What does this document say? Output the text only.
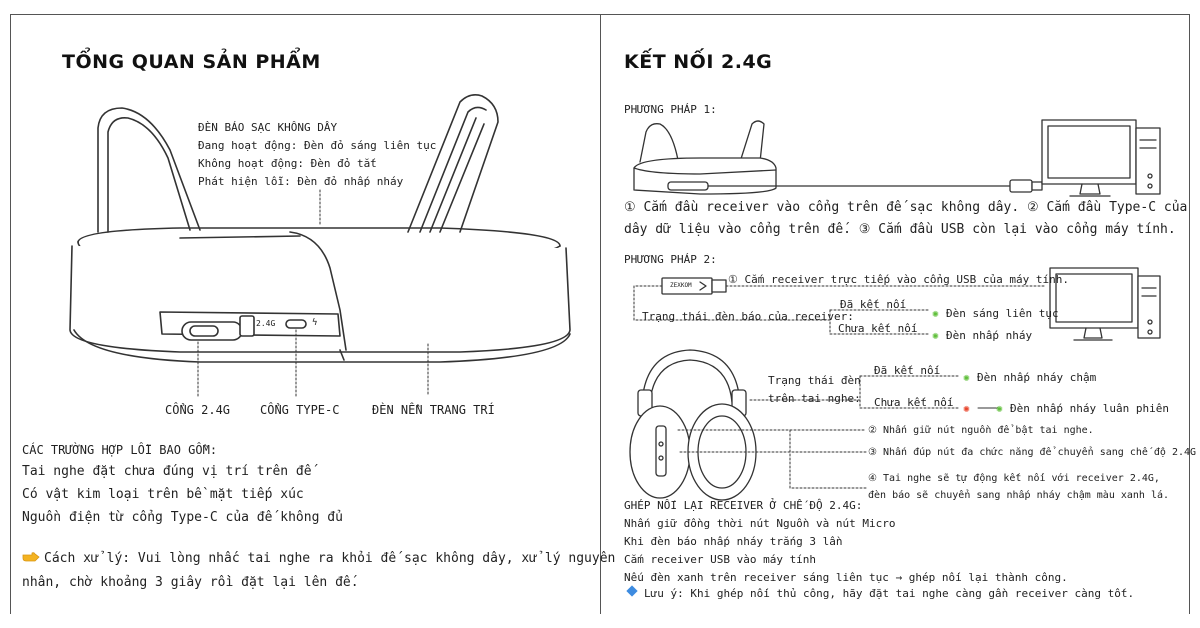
TỔNG QUAN SẢN PHẨM
2.4G	ϟ
ĐÈN BÁO SẠC KHÔNG DÂY
Đang hoạt động: Đèn đỏ sáng liên tục
Không hoạt động: Đèn đỏ tắt
Phát hiện lỗi: Đèn đỏ nhấp nháy
CỔNG 2.4G CỔNG TYPE-C	ĐÈN NỀN TRANG TRÍ
CÁC TRƯỜNG HỢP LỖI BAO GỒM:
Tai nghe đặt chưa đúng vị trí trên đế
Có vật kim loại trên bề mặt tiếp xúc
Nguồn điện từ cổng Type-C của đế không đủ
Cách xử lý: Vui lòng nhấc tai nghe ra khỏi đế sạc không dây, xử lý nguyên
nhân, chờ khoảng 3 giây rồi đặt lại lên đế.
KẾT NỐI 2.4G
PHƯƠNG PHÁP 1:
① Cắm đầu receiver vào cổng trên đế sạc không dây. ② Cắm đầu Type-C của
dây dữ liệu vào cổng trên đế. ③ Cắm đầu USB còn lại vào cổng máy tính.
PHƯƠNG PHÁP 2:
ZEXKOM	① Cắm receiver trực tiếp vào cổng USB của máy tính.
Trạng thái đèn báo của receiver:
Đã kết nối
Chưa kết nối
✺ Đèn sáng liên tục
✺ Đèn nhấp nháy
Trạng thái đèn
trên tai nghe:
Đã kết nối
Chưa kết nối
✺ Đèn nhấp nháy chậm
✺ ✺ Đèn nhấp nháy luân phiên
② Nhấn giữ nút nguồn để bật tai nghe.
③ Nhấn đúp nút đa chức năng để chuyển sang chế độ 2.4G
④ Tai nghe sẽ tự động kết nối với receiver 2.4G,
đèn báo sẽ chuyển sang nhấp nháy chậm màu xanh lá.
GHÉP NỐI LẠI RECEIVER Ở CHẾ ĐỘ 2.4G:
Nhấn giữ đồng thời nút Nguồn và nút Micro
Khi đèn báo nhấp nháy trắng 3 lần
Cắm receiver USB vào máy tính
Nếu đèn xanh trên receiver sáng liên tục → ghép nối lại thành công.
Lưu ý: Khi ghép nối thủ công, hãy đặt tai nghe càng gần receiver càng tốt.
